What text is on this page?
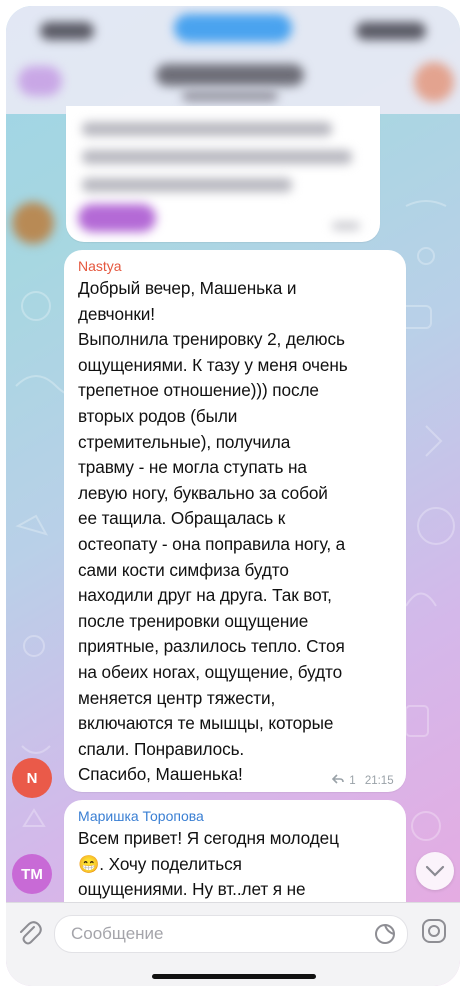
N
Nastya
Добрый вечер, Машенька и
девчонки!
Выполнила тренировку 2, делюсь
ощущениями. К тазу у меня очень
трепетное отношение))) после
вторых родов (были
стремительные), получила
травму - не могла ступать на
левую ногу, буквально за собой
ее тащила. Обращалась к
остеопату - она поправила ногу, а
сами кости симфиза будто
находили друг на друга. Так вот,
после тренировки ощущение
приятные, разлилось тепло. Стоя
на обеих ногах, ощущение, будто
меняется центр тяжести,
включаются те мышцы, которые
спали. Понравилось.
Спасибо, Машенька!	1 21:15
ТМ
Маришка Торопова
Всем привет! Я сегодня молодец
😁. Хочу поделиться
ощущениями. Ну вт..лет я не
Сообщение
